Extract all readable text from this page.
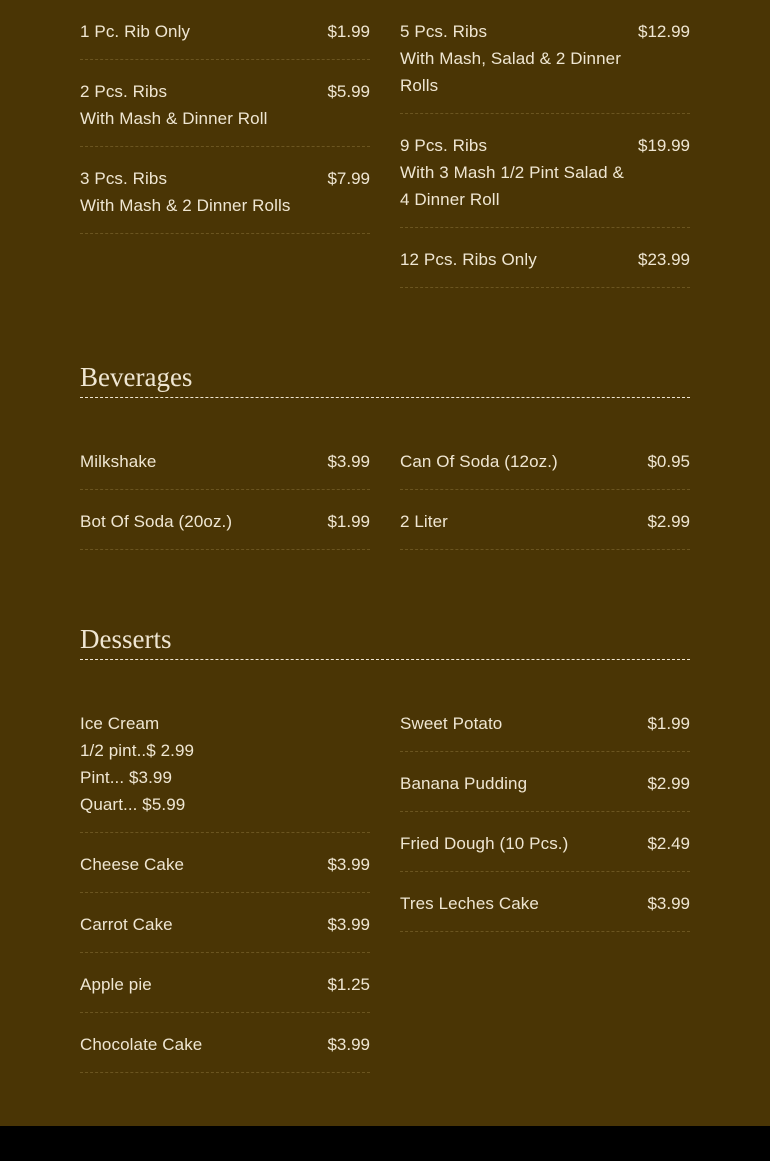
1 Pc. Rib Only	$1.99
2 Pcs. Ribs
With Mash & Dinner Roll
$5.99
3 Pcs. Ribs
With Mash & 2 Dinner Rolls
$7.99
5 Pcs. Ribs
With Mash, Salad & 2 Dinner Rolls
$12.99
9 Pcs. Ribs
With 3 Mash 1/2 Pint Salad & 4 Dinner Roll
$19.99
12 Pcs. Ribs Only	$23.99
Beverages
Milkshake	$3.99
Bot Of Soda (20oz.)	$1.99
Can Of Soda (12oz.)	$0.95
2 Liter	$2.99
Desserts
Ice Cream
1/2 pint..$ 2.99
Pint... $3.99
Quart... $5.99
Cheese Cake	$3.99
Carrot Cake	$3.99
Apple pie	$1.25
Chocolate Cake	$3.99
Sweet Potato	$1.99
Banana Pudding	$2.99
Fried Dough (10 Pcs.)	$2.49
Tres Leches Cake	$3.99
